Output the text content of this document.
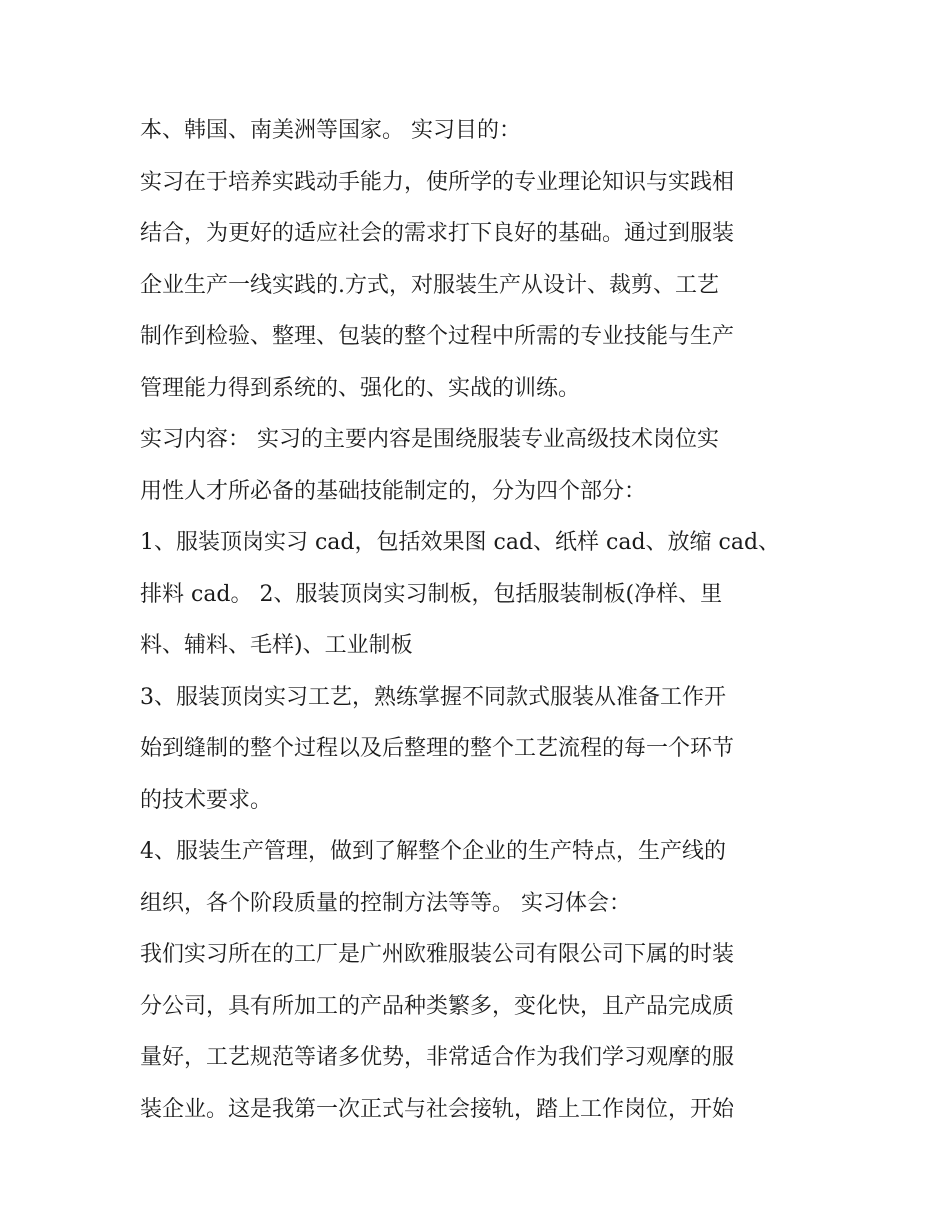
本、韩国、南美洲等国家。 实习目的：
实习在于培养实践动手能力，使所学的专业理论知识与实践相
结合，为更好的适应社会的需求打下良好的基础。通过到服装
企业生产一线实践的.方式，对服装生产从设计、裁剪、工艺
制作到检验、整理、包装的整个过程中所需的专业技能与生产
管理能力得到系统的、强化的、实战的训练。
实习内容： 实习的主要内容是围绕服装专业高级技术岗位实
用性人才所必备的基础技能制定的，分为四个部分：
1、服装顶岗实习 cad，包括效果图 cad、纸样 cad、放缩 cad、
排料 cad。 2、服装顶岗实习制板，包括服装制板(净样、里
料、辅料、毛样)、工业制板
3、服装顶岗实习工艺，熟练掌握不同款式服装从准备工作开
始到缝制的整个过程以及后整理的整个工艺流程的每一个环节
的技术要求。
4、服装生产管理，做到了解整个企业的生产特点，生产线的
组织，各个阶段质量的控制方法等等。 实习体会：
我们实习所在的工厂是广州欧雅服装公司有限公司下属的时装
分公司，具有所加工的产品种类繁多，变化快，且产品完成质
量好，工艺规范等诸多优势，非常适合作为我们学习观摩的服
装企业。这是我第一次正式与社会接轨，踏上工作岗位，开始
